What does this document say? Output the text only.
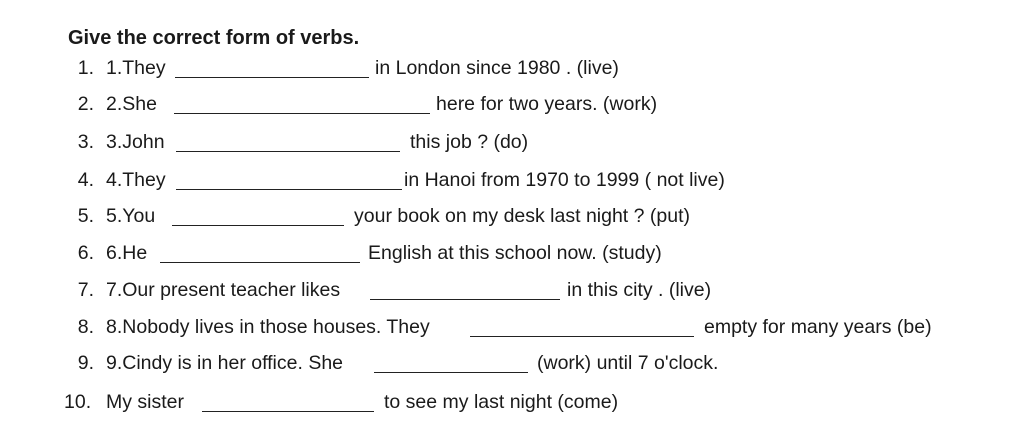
Give the correct form of verbs.
1. 1.They	in London since 1980 . (live)
2. 2.She	here for two years. (work)
3. 3.John	this job ? (do)
4. 4.They	in Hanoi from 1970 to 1999 ( not live)
5. 5.You	your book on my desk last night ? (put)
6. 6.He	English at this school now. (study)
7. 7.Our present teacher likes	in this city . (live)
8. 8.Nobody lives in those houses. They	empty for many years (be)
9. 9.Cindy is in her office. She	(work) until 7 o'clock.
10. My sister	to see my last night (come)
